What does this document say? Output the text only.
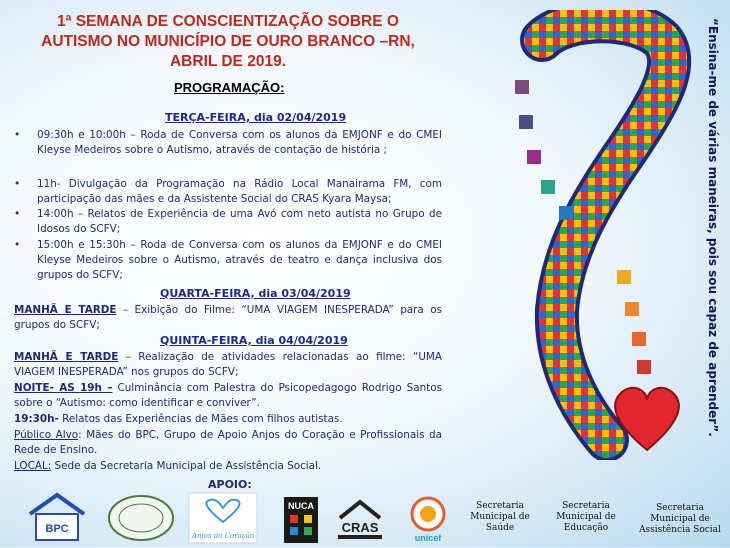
1ª SEMANA DE CONSCIENTIZAÇÃO SOBRE O
AUTISMO NO MUNICÍPIO DE OURO BRANCO –RN,
ABRIL DE 2019.
PROGRAMAÇÃO:
TERÇA-FEIRA, dia 02/04/2019
• 09:30h e 10:00h – Roda de Conversa com os alunos da EMJONF e do CMEI Kleyse Medeiros sobre o Autismo, através de contação de história ;
• 11h- Divulgação da Programação na Rádio Local Manairama FM, com participação das mães e da Assistente Social do CRAS Kyara Maysa;
• 14:00h – Relatos de Experiência de uma Avó com neto autista no Grupo de Idosos do SCFV;
• 15:00h e 15:30h – Roda de Conversa com os alunos da EMJONF e do CMEI Kleyse Medeiros sobre o Autismo, através de teatro e dança inclusiva dos grupos do SCFV;
QUARTA-FEIRA, dia 03/04/2019
MANHÃ E TARDE – Exibição do Filme: “UMA VIAGEM INESPERADA” para os grupos do SCFV;
QUINTA-FEIRA, dia 04/04/2019
MANHÃ E TARDE – Realização de atividades relacionadas ao filme: “UMA VIAGEM INESPERADA” nos grupos do SCFV;
NOITE- AS 19h – Culminância com Palestra do Psicopedagogo Rodrigo Santos sobre o “Autismo: como identificar e conviver”.
19:30h- Relatos das Experiências de Mães com filhos autistas.
Público Alvo: Mães do BPC, Grupo de Apoio Anjos do Coração e Profissionais da Rede de Ensino.
LOCAL: Sede da Secretaria Municipal de Assistência Social.
APOIO:
“Ensina-me de várias maneiras, pois sou capaz de aprender”.
BPC
Anjos do Coração
NUCA
CRAS
unicef
Secretaria
Municipal de
Saúde
Secretaria
Municipal de
Educação
Secretaria
Municipal de
Assistência Social
